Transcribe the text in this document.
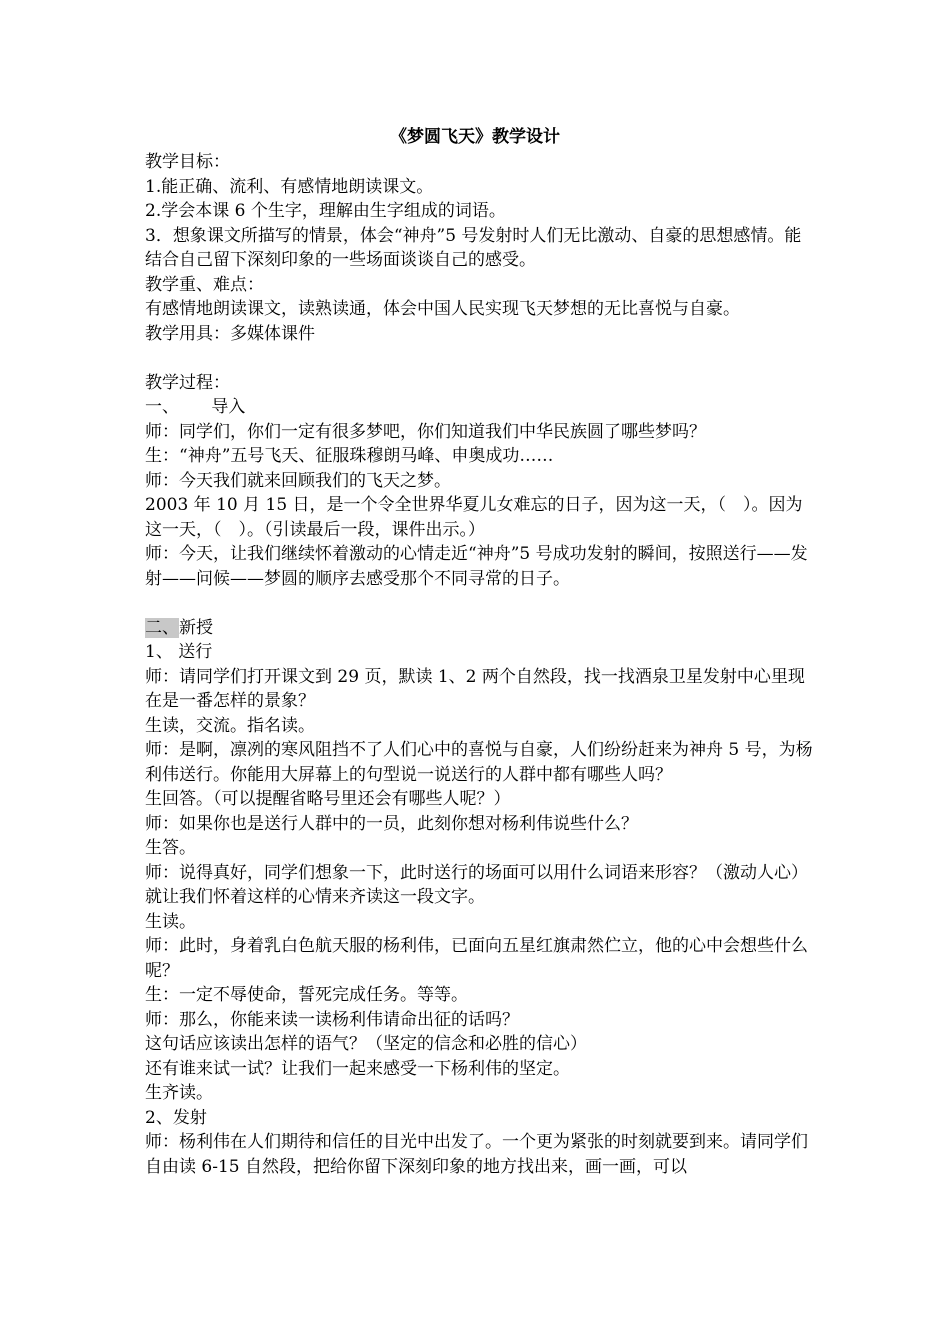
《梦圆飞天》教学设计

教学目标：

1.能正确、流利、有感情地朗读课文。

2.学会本课 6 个生字，理解由生字组成的词语。

3．想象课文所描写的情景，体会“神舟”5 号发射时人们无比激动、自豪的思想感情。能结合自己留下深刻印象的一些场面谈谈自己的感受。

教学重、难点：

有感情地朗读课文，读熟读通，体会中国人民实现飞天梦想的无比喜悦与自豪。

教学用具：多媒体课件

教学过程：

一、      导入

师：同学们，你们一定有很多梦吧，你们知道我们中华民族圆了哪些梦吗？

生：“神舟”五号飞天、征服珠穆朗马峰、申奥成功……

师：今天我们就来回顾我们的飞天之梦。

2003 年 10 月 15 日，是一个令全世界华夏儿女难忘的日子，因为这一天，（　）。因为这一天，（　）。（引读最后一段，课件出示。）

师：今天，让我们继续怀着激动的心情走近“神舟”5 号成功发射的瞬间，按照送行——发射——问候——梦圆的顺序去感受那个不同寻常的日子。

二、新授

1、 送行

师：请同学们打开课文到 29 页，默读 1、2 两个自然段，找一找酒泉卫星发射中心里现在是一番怎样的景象？

生读，交流。指名读。

师：是啊，凛冽的寒风阻挡不了人们心中的喜悦与自豪，人们纷纷赶来为神舟 5 号，为杨利伟送行。你能用大屏幕上的句型说一说送行的人群中都有哪些人吗？

生回答。（可以提醒省略号里还会有哪些人呢？）

师：如果你也是送行人群中的一员，此刻你想对杨利伟说些什么？

生答。

师：说得真好，同学们想象一下，此时送行的场面可以用什么词语来形容？（激动人心）

就让我们怀着这样的心情来齐读这一段文字。

生读。

师：此时，身着乳白色航天服的杨利伟，已面向五星红旗肃然伫立，他的心中会想些什么呢？

生：一定不辱使命，誓死完成任务。等等。

师：那么，你能来读一读杨利伟请命出征的话吗？

这句话应该读出怎样的语气？（坚定的信念和必胜的信心）

还有谁来试一试？让我们一起来感受一下杨利伟的坚定。

生齐读。

2、发射

师：杨利伟在人们期待和信任的目光中出发了。一个更为紧张的时刻就要到来。请同学们自由读 6-15 自然段，把给你留下深刻印象的地方找出来，画一画，可以
